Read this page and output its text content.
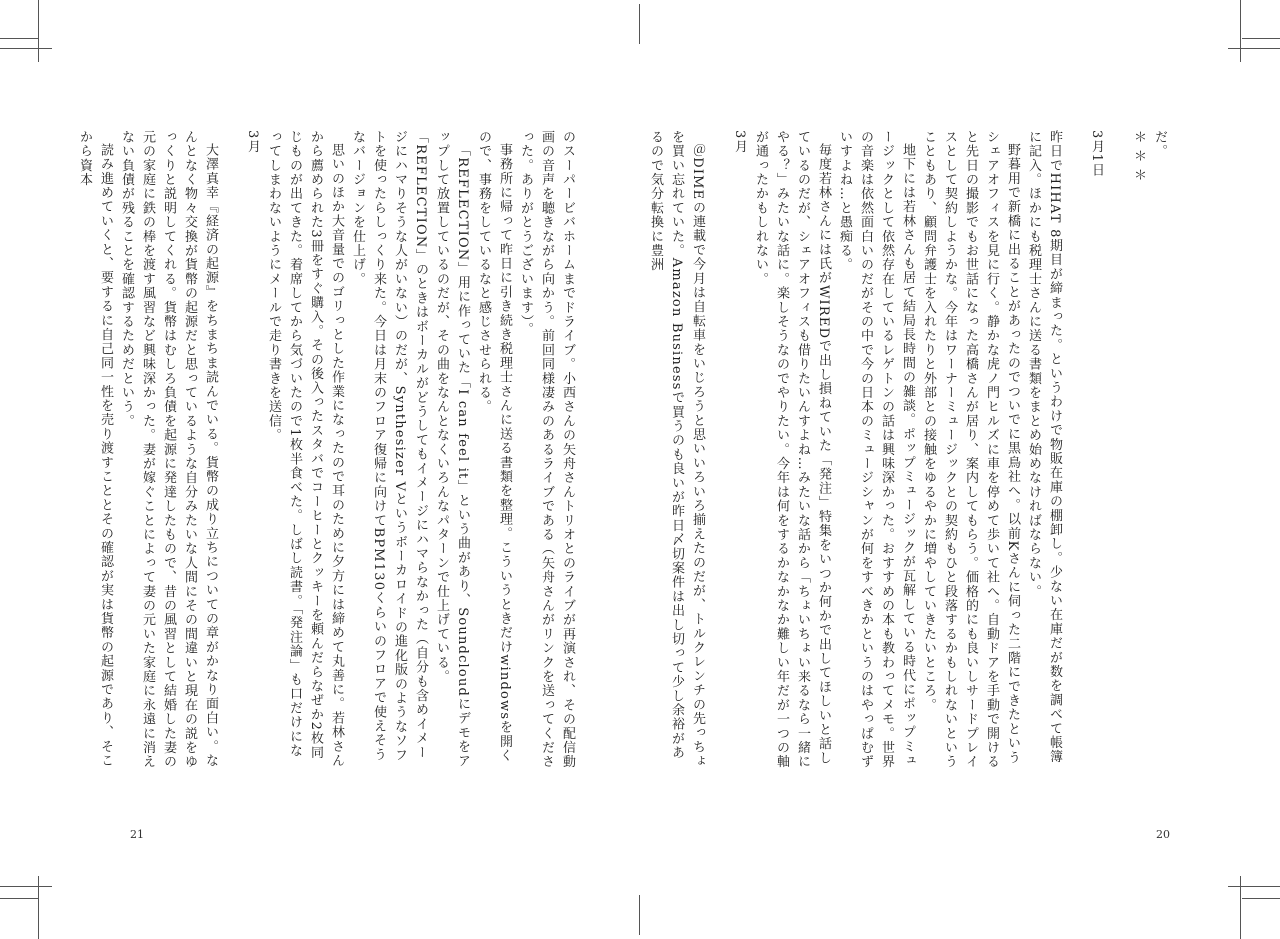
だ。

＊＊＊

3月1日

昨日でHIHAT 8期目が締まった。というわけで物販在庫の棚卸し。少ない在庫だが数を調べて帳簿に記入。ほかにも税理士さんに送る書類をまとめ始めなければならない。

野暮用で新橋に出ることがあったのでついでに黒鳥社へ。以前Kさんに伺った二階にできたというシェアオフィスを見に行く。静かな虎ノ門ヒルズに車を停めて歩いて社へ。自動ドアを手動で開けると先日の撮影でもお世話になった高橋さんが居り、案内してもらう。価格的にも良いしサードプレイスとして契約しようかな。今年はワーナーミュージックとの契約もひと段落するかもしれないということもあり、顧問弁護士を入れたりと外部との接触をゆるやかに増やしていきたいところ。

地下には若林さんも居て結局長時間の雑談。ポップミュージックが瓦解している時代にポップミュージックとして依然存在しているレゲトンの話は興味深かった。おすすめの本も教わってメモ。世界の音楽は依然面白いのだがその中で今の日本のミュージシャンが何をすべきかというのはやっぱむずいすよね…と愚痴る。

毎度若林さんには氏がWIREDで出し損ねていた「発注」特集をいつか何かで出してほしいと話しているのだが、シェアオフィスも借りたいんすよね…みたいな話から「ちょいちょい来るなら一緒にやる？」みたいな話に。楽しそうなのでやりたい。今年は何をするかなかなか難しい年だが一つの軸が通ったかもしれない。

3月

＠DIMEの連載で今月は自転車をいじろうと思いいろいろ揃えたのだが、トルクレンチの先っちょを買い忘れていた。Amazon Businessで買うのも良いが昨日〆切案件は出し切って少し余裕があるので気分転換に豊洲

20

のスーパービバホームまでドライブ。小西さんの矢舟さんトリオとのライブが再演され、その配信動画の音声を聴きながら向かう。前回同様凄みのあるライブである（矢舟さんがリンクを送ってくださった。ありがとうございます）。

事務所に帰って昨日に引き続き税理士さんに送る書類を整理。こういうときだけwindowsを開くので、事務をしているなと感じさせられる。

「REFLECTION」用に作っていた「I can feel it」という曲があり、Soundcloudにデモをアップして放置しているのだが、その曲をなんとなくいろんなパターンで仕上げている。「REFLECTION」のときはボーカルがどうしてもイメージにハマらなかった（自分も含めイメージにハマりそうな人がいない）のだが、Synthesizer Vというボーカロイドの進化版のようなソフトを使ったらしっくり来た。今日は月末のフロア復帰に向けてBPM130くらいのフロアで使えそうなバージョンを仕上げ。

思いのほか大音量でのゴリっとした作業になったので耳のために夕方には締めて丸善に。若林さんから薦められた3冊をすぐ購入。その後入ったスタバでコーヒーとクッキーを頼んだらなぜか2枚同じものが出てきた。着席してから気づいたので1枚半食べた。しばし読書。「発注論」も口だけになってしまわないようにメールで走り書きを送信。

3月

大澤真幸『経済の起源』をちまちま読んでいる。貨幣の成り立ちについての章がかなり面白い。なんとなく物々交換が貨幣の起源だと思っているような自分みたいな人間にその間違いと現在の説をゆっくりと説明してくれる。貨幣はむしろ負債を起源に発達したもので、昔の風習として結婚した妻の元の家庭に鉄の棒を渡す風習など興味深かった。妻が嫁ぐことによって妻の元いた家庭に永遠に消えない負債が残ることを確認するためだという。

読み進めていくと、要するに自己同一性を売り渡すこととその確認が実は貨幣の起源であり、そこから資本

21
